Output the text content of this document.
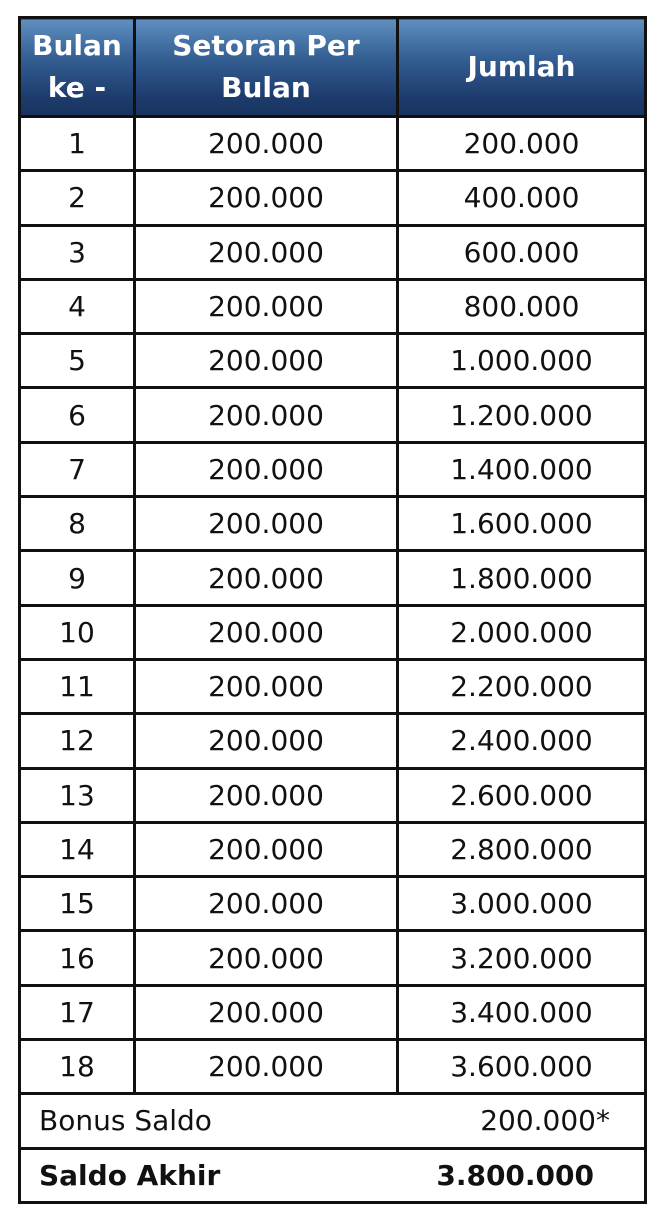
Bulan ke -	Setoran Per Bulan	Jumlah
1	200.000	200.000
2	200.000	400.000
3	200.000	600.000
4	200.000	800.000
5	200.000	1.000.000
6	200.000	1.200.000
7	200.000	1.400.000
8	200.000	1.600.000
9	200.000	1.800.000
10	200.000	2.000.000
11	200.000	2.200.000
12	200.000	2.400.000
13	200.000	2.600.000
14	200.000	2.800.000
15	200.000	3.000.000
16	200.000	3.200.000
17	200.000	3.400.000
18	200.000	3.600.000
Bonus Saldo		200.000*
Saldo Akhir		3.800.000
